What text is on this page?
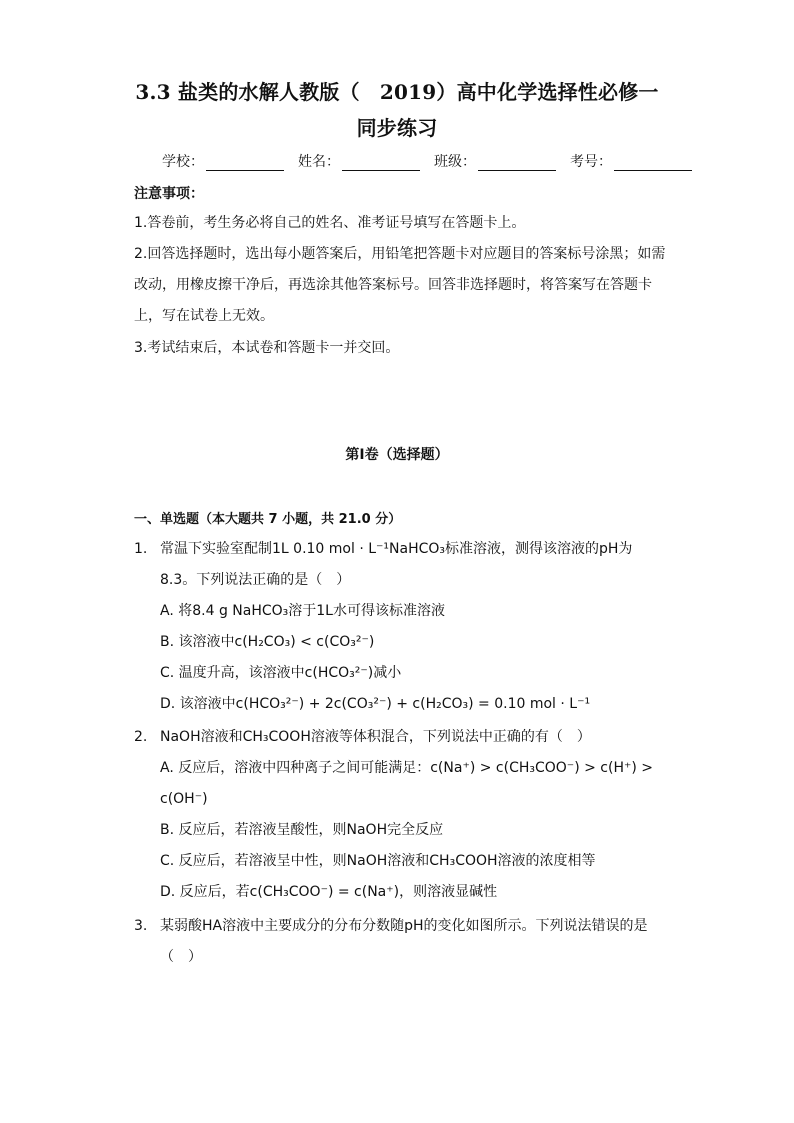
3.3 盐类的水解人教版（　2019）高中化学选择性必修一
同步练习
学校：	姓名：	班级：	考号：
注意事项：
1.答卷前，考生务必将自己的姓名、准考证号填写在答题卡上。
2.回答选择题时，选出每小题答案后，用铅笔把答题卡对应题目的答案标号涂黑；如需改动，用橡皮擦干净后，再选涂其他答案标号。回答非选择题时，将答案写在答题卡上，写在试卷上无效。
3.考试结束后，本试卷和答题卡一并交回。
第Ⅰ卷（选择题）
一、单选题（本大题共 7 小题，共 21.0 分）
1. 常温下实验室配制1L 0.10 mol · L⁻¹NaHCO₃标准溶液，测得该溶液的pH为8.3。下列说法正确的是（　）
A. 将8.4 g NaHCO₃溶于1L水可得该标准溶液
B. 该溶液中c(H₂CO₃) < c(CO₃²⁻)
C. 温度升高，该溶液中c(HCO₃²⁻)减小
D. 该溶液中c(HCO₃²⁻) + 2c(CO₃²⁻) + c(H₂CO₃) = 0.10 mol · L⁻¹
2. NaOH溶液和CH₃COOH溶液等体积混合，下列说法中正确的有（　）
A. 反应后，溶液中四种离子之间可能满足：c(Na⁺) > c(CH₃COO⁻) > c(H⁺) > c(OH⁻)
B. 反应后，若溶液呈酸性，则NaOH完全反应
C. 反应后，若溶液呈中性，则NaOH溶液和CH₃COOH溶液的浓度相等
D. 反应后，若c(CH₃COO⁻) = c(Na⁺)，则溶液显碱性
3. 某弱酸HA溶液中主要成分的分布分数随pH的变化如图所示。下列说法错误的是（　）
